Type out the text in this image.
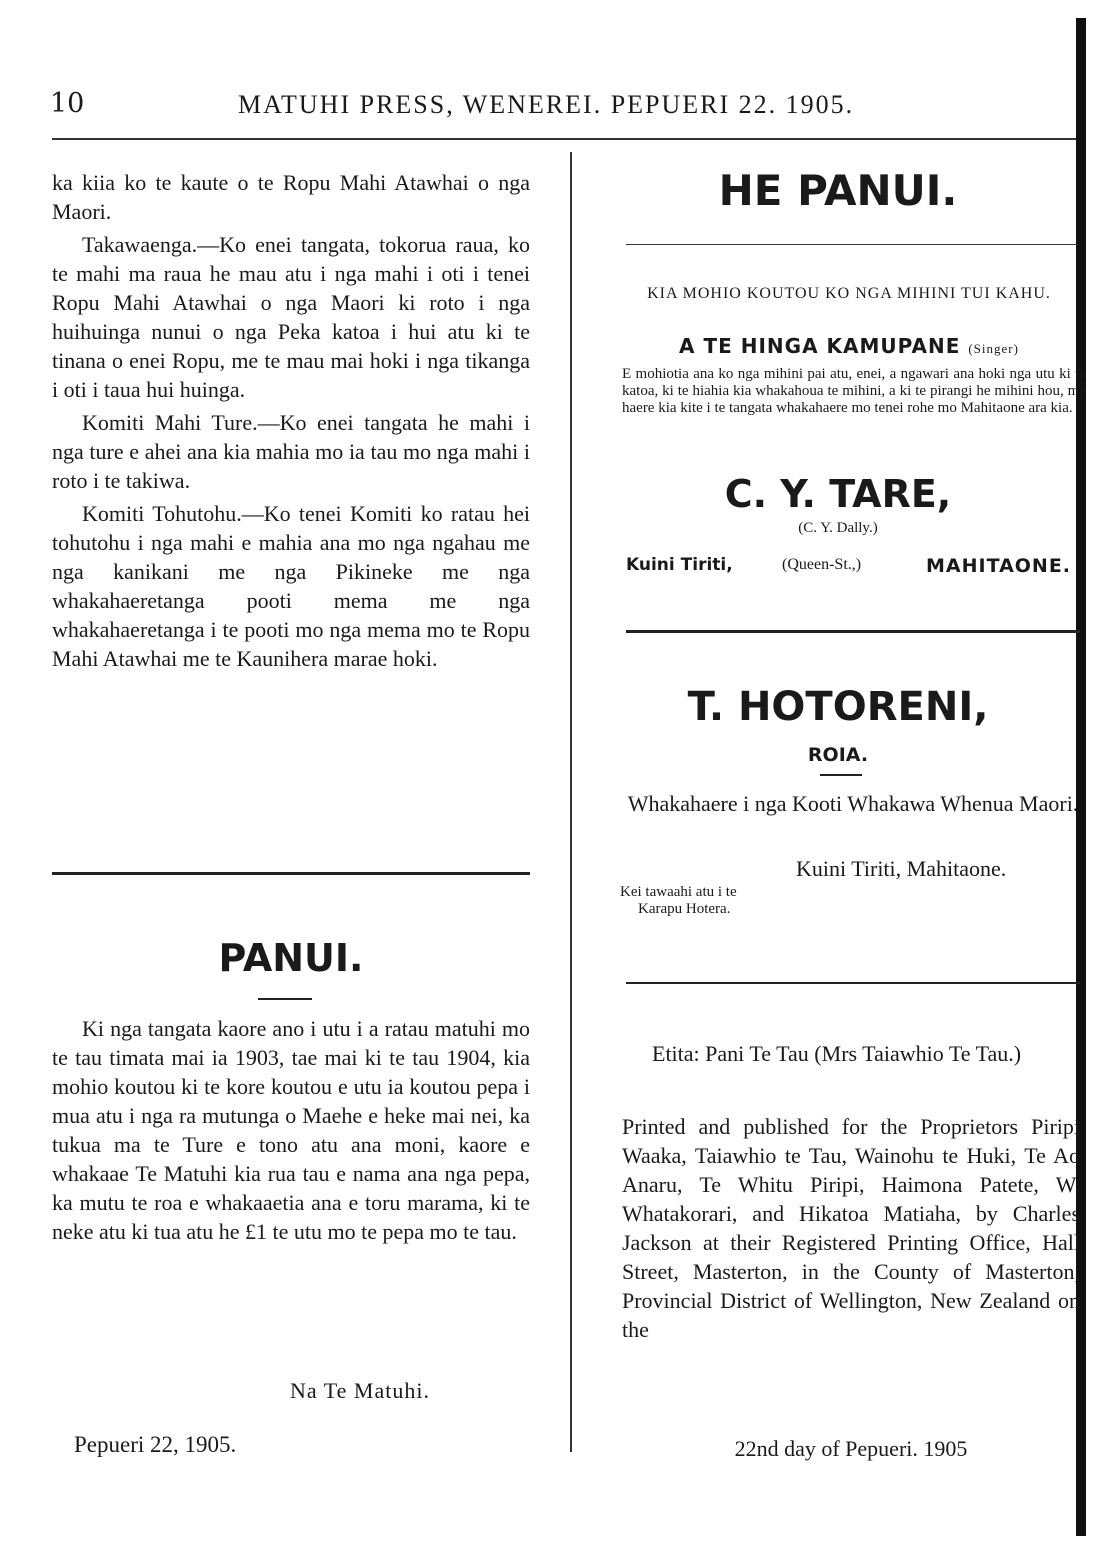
10	MATUHI PRESS, WENEREI. PEPUERI 22. 1905.

ka kiia ko te kaute o te Ropu Mahi Atawhai o nga Maori.

Takawaenga.—Ko enei tangata, tokorua raua, ko te mahi ma raua he mau atu i nga mahi i oti i tenei Ropu Mahi Atawhai o nga Maori ki roto i nga huihuinga nunui o nga Peka katoa i hui atu ki te tinana o enei Ropu, me te mau mai hoki i nga tikanga i oti i taua hui huinga.

Komiti Mahi Ture.—Ko enei tangata he mahi i nga ture e ahei ana kia mahia mo ia tau mo nga mahi i roto i te takiwa.

Komiti Tohutohu.—Ko tenei Komiti ko ratau hei tohutohu i nga mahi e mahia ana mo nga ngahau me nga kanikani me nga Pikineke me nga whakahaeretanga pooti mema me nga whakahaeretanga i te pooti mo nga mema mo te Ropu Mahi Atawhai me te Kaunihera marae hoki.

PANUI.

Ki nga tangata kaore ano i utu i a ratau matuhi mo te tau timata mai ia 1903, tae mai ki te tau 1904, kia mohio koutou ki te kore koutou e utu ia koutou pepa i mua atu i nga ra mutunga o Maehe e heke mai nei, ka tukua ma te Ture e tono atu ana moni, kaore e whakaae Te Matuhi kia rua tau e nama ana nga pepa, ka mutu te roa e whakaaetia ana e toru marama, ki te neke atu ki tua atu he £1 te utu mo te pepa mo te tau.

Na Te Matuhi.
Pepueri 22, 1905.
HE PANUI.
KIA MOHIO KOUTOU KO NGA MIHINI TUI KAHU.
A TE HINGA KAMUPANE (Singer)
E mohiotia ana ko nga mihini pai atu, enei, a ngawari ana hoki nga utu ki te katoa, ki te hiahia kia whakahoua te mihini, a ki te pirangi he mihini hou, me haere kia kite i te tangata whakahaere mo tenei rohe mo Mahitaone ara kia.
C. Y. TARE,
(C. Y. Dally.)
Kuini Tiriti,	(Queen-St.,)	MAHITAONE.
T. HOTORENI,
ROIA.
Whakahaere i nga Kooti Whakawa Whenua Maori.
Kuini Tiriti, Mahitaone.
Kei tawaahi atu i te
Karapu Hotera.

Etita: Pani Te Tau (Mrs Taiawhio Te Tau.)

Printed and published for the Proprietors Piripi Waaka, Taiawhio te Tau, Wainohu te Huki, Te Ao Anaru, Te Whitu Piripi, Haimona Patete, W. Whatakorari, and Hikatoa Matiaha, by Charles Jackson at their Registered Printing Office, Hall Street, Masterton, in the County of Masterton, Provincial District of Wellington, New Zealand on the
22nd day of Pepueri. 1905
